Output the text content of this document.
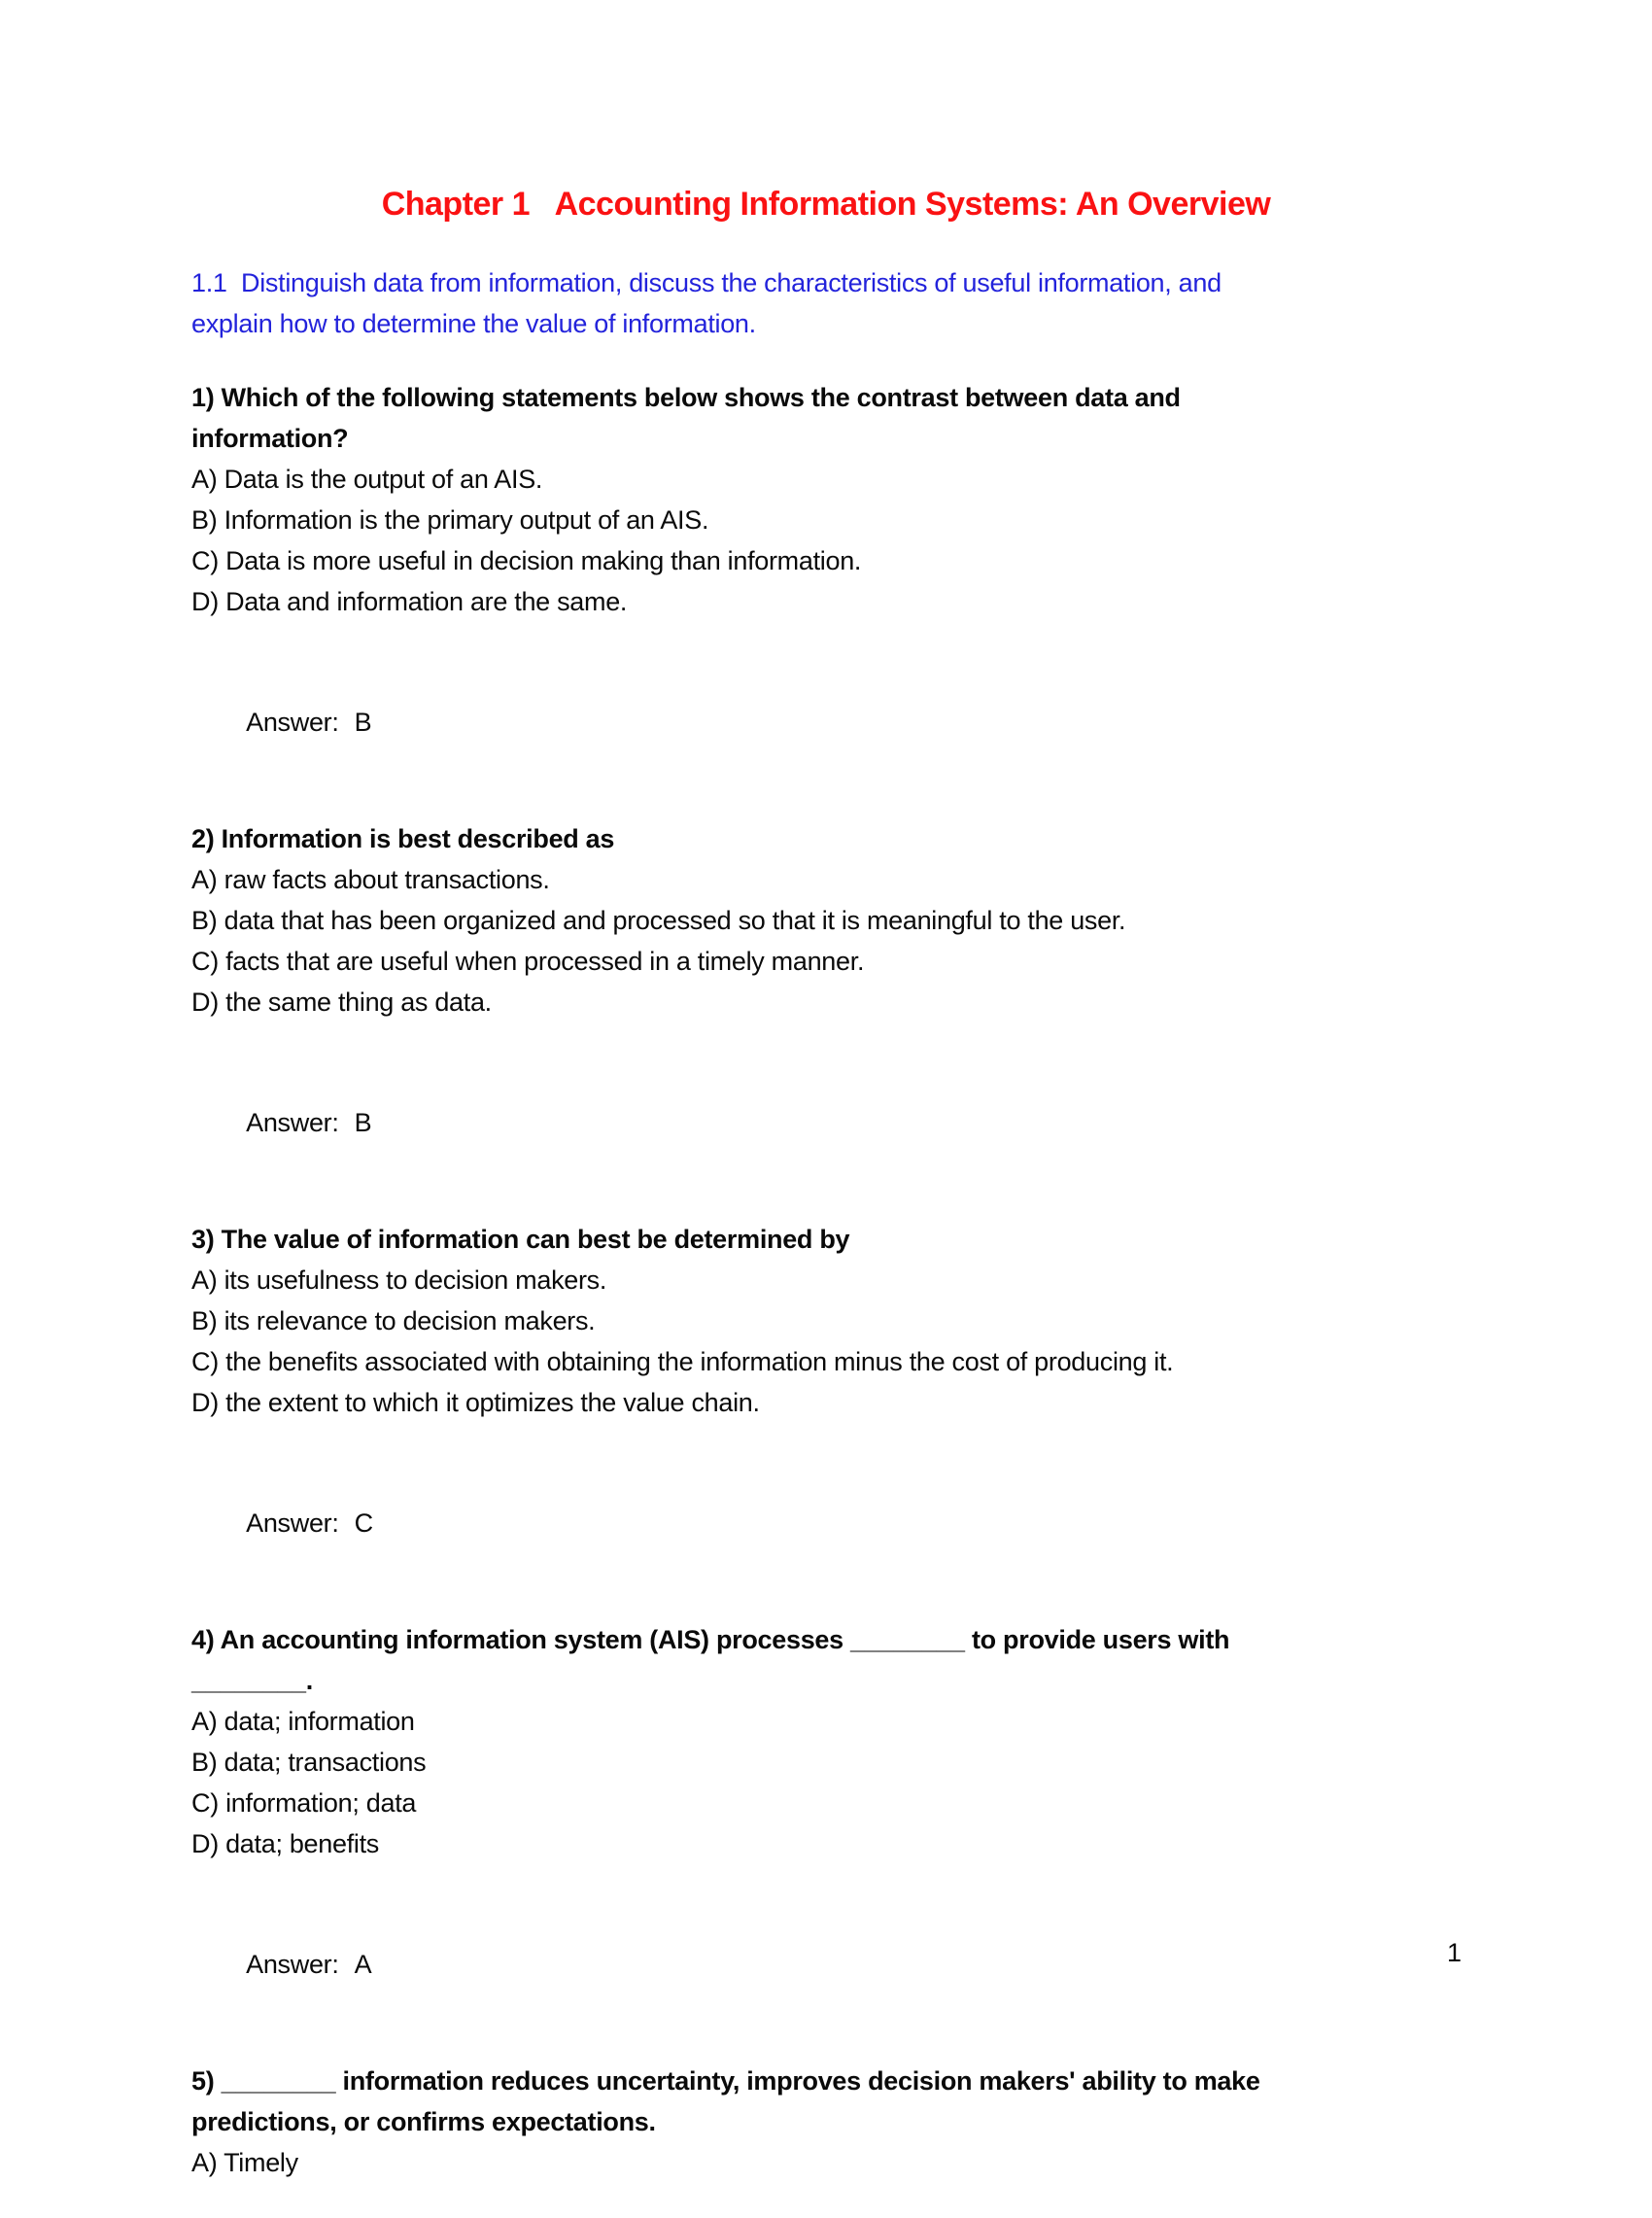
Chapter 1   Accounting Information Systems: An Overview
1.1  Distinguish data from information, discuss the characteristics of useful information, and
explain how to determine the value of information.
1) Which of the following statements below shows the contrast between data and
information?
A) Data is the output of an AIS.
B) Information is the primary output of an AIS.
C) Data is more useful in decision making than information.
D) Data and information are the same.

Answer: B

2) Information is best described as
A) raw facts about transactions.
B) data that has been organized and processed so that it is meaningful to the user.
C) facts that are useful when processed in a timely manner.
D) the same thing as data.

Answer: B

3) The value of information can best be determined by
A) its usefulness to decision makers.
B) its relevance to decision makers.
C) the benefits associated with obtaining the information minus the cost of producing it.
D) the extent to which it optimizes the value chain.

Answer: C

4) An accounting information system (AIS) processes ________ to provide users with
________.
A) data; information
B) data; transactions
C) information; data
D) data; benefits

Answer: A

5) ________ information reduces uncertainty, improves decision makers' ability to make
predictions, or confirms expectations.
A) Timely
1
